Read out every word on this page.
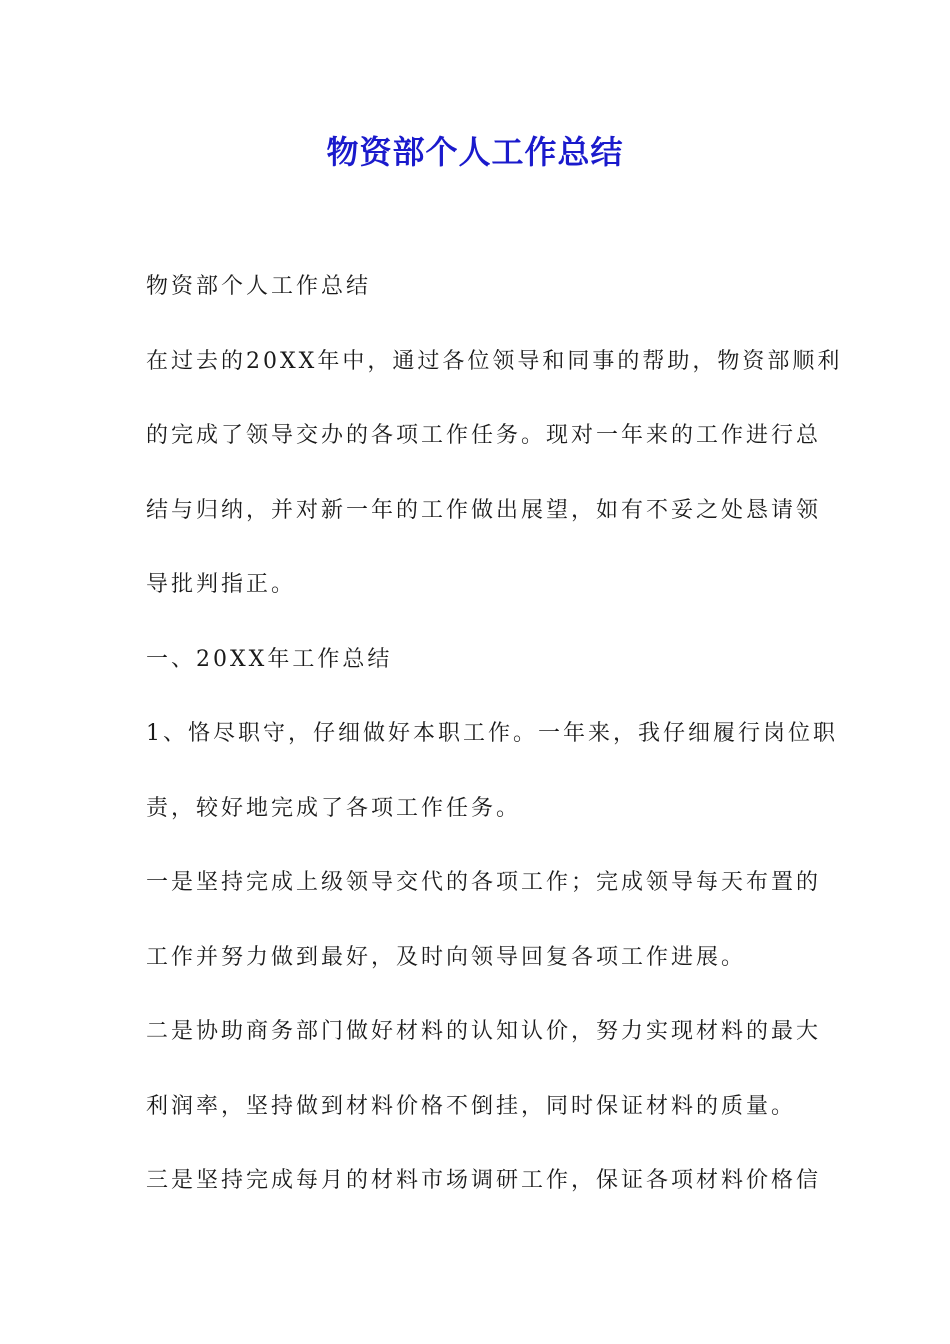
物资部个人工作总结
物资部个人工作总结
在过去的20XX年中，通过各位领导和同事的帮助，物资部顺利
的完成了领导交办的各项工作任务。现对一年来的工作进行总
结与归纳，并对新一年的工作做出展望，如有不妥之处恳请领
导批判指正。
一、20XX年工作总结
1、恪尽职守，仔细做好本职工作。一年来，我仔细履行岗位职
责，较好地完成了各项工作任务。
一是坚持完成上级领导交代的各项工作；完成领导每天布置的
工作并努力做到最好，及时向领导回复各项工作进展。
二是协助商务部门做好材料的认知认价，努力实现材料的最大
利润率，坚持做到材料价格不倒挂，同时保证材料的质量。
三是坚持完成每月的材料市场调研工作，保证各项材料价格信
